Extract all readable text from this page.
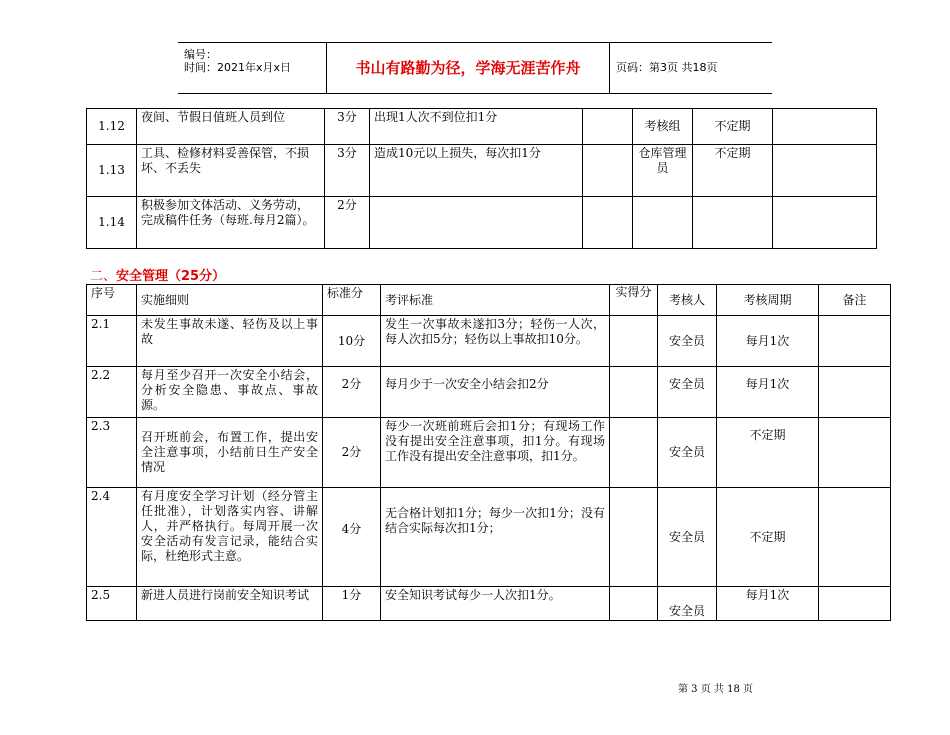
编号：
时间：2021年x月x日	书山有路勤为径，学海无涯苦作舟	页码：第3页 共18页
1.12	夜间、节假日值班人员到位	3分	出现1人次不到位扣1分		考核组	不定期	
1.13	工具、检修材料妥善保管，不损坏、不丢失	3分	造成10元以上损失，每次扣1分		仓库管理员	不定期	
1.14	积极参加文体活动、义务劳动，完成稿件任务（每班.每月2篇）。	2分					
二、安全管理（25分）
序号	实施细则	标准分	考评标准	实得分	考核人	考核周期	备注
2.1	未发生事故未遂、轻伤及以上事故	10分	发生一次事故未遂扣3分；轻伤一人次，每人次扣5分；轻伤以上事故扣10分。		安全员	每月1次	
2.2	每月至少召开一次安全小结会，分析安全隐患、事故点、事故源。	2分	每月少于一次安全小结会扣2分		安全员	每月1次	
2.3	召开班前会，布置工作，提出安全注意事项，小结前日生产安全情况	2分	每少一次班前班后会扣1分；有现场工作没有提出安全注意事项，扣1分。有现场工作没有提出安全注意事项，扣1分。		安全员	不定期	
2.4	有月度安全学习计划（经分管主任批准），计划落实内容、讲解人，并严格执行。每周开展一次安全活动有发言记录，能结合实际，杜绝形式主意。	4分	无合格计划扣1分；每少一次扣1分；没有结合实际每次扣1分；		安全员	不定期	
2.5	新进人员进行岗前安全知识考试	1分	安全知识考试每少一人次扣1分。		安全员	每月1次	
第 3 页 共 18 页
